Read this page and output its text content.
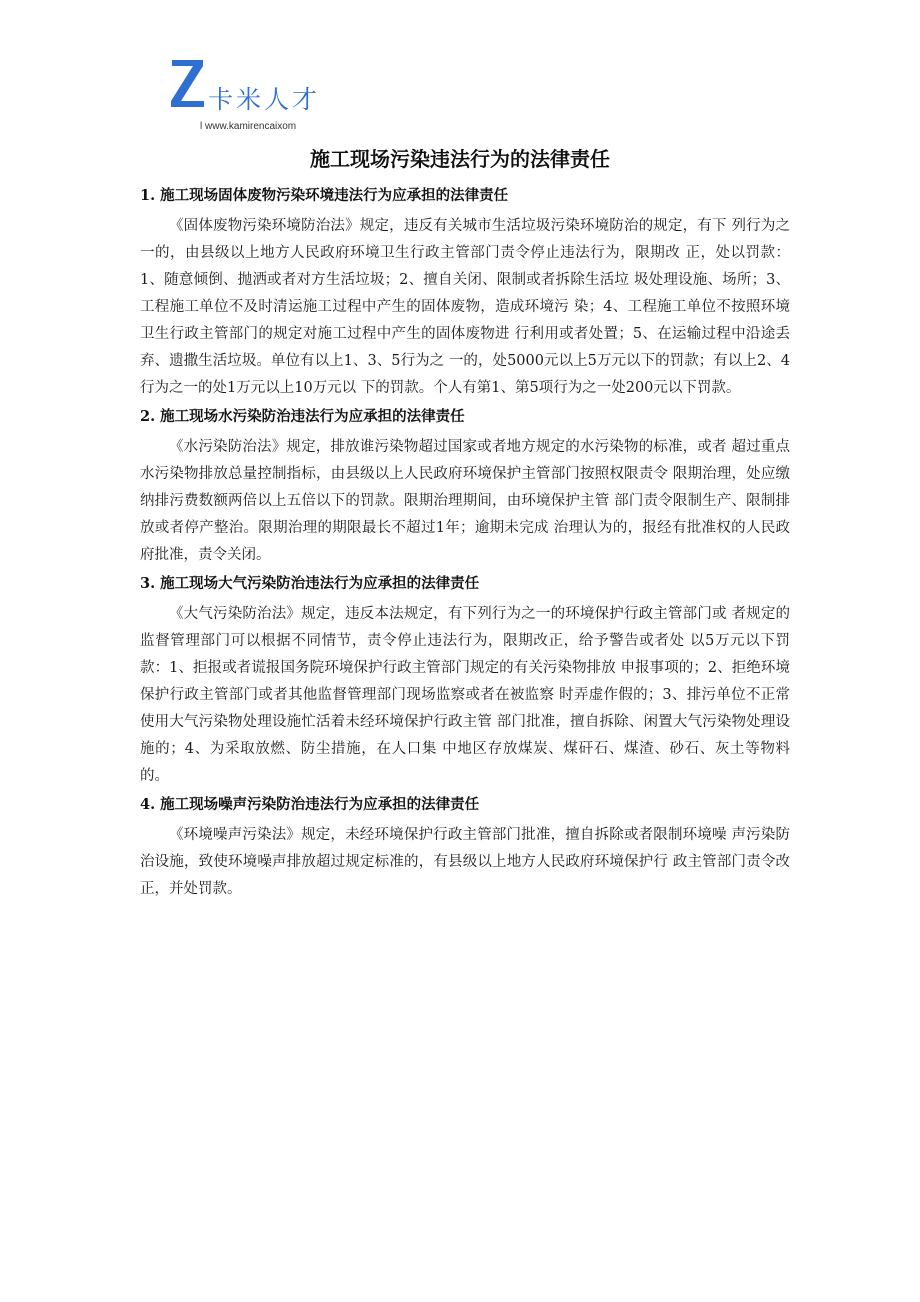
卡米人才
l www.kamirencaixom
施工现场污染违法行为的法律责任
1. 施工现场固体废物污染环境违法行为应承担的法律责任

《固体废物污染环境防治法》规定，违反有关城市生活垃圾污染环境防治的规定，有下 列行为之一的，由县级以上地方人民政府环境卫生行政主管部门责令停止违法行为，限期改 正，处以罚款：1、随意倾倒、抛洒或者对方生活垃圾；2、擅自关闭、限制或者拆除生活垃 圾处理设施、场所；3、工程施工单位不及时清运施工过程中产生的固体废物，造成环境污 染；4、工程施工单位不按照环境卫生行政主管部门的规定对施工过程中产生的固体废物进 行利用或者处置；5、在运输过程中沿途丢弃、遗撒生活垃圾。单位有以上1、3、5行为之 一的，处5000元以上5万元以下的罚款；有以上2、4行为之一的处1万元以上10万元以 下的罚款。个人有第1、第5项行为之一处200元以下罚款。

2. 施工现场水污染防治违法行为应承担的法律责任

《水污染防治法》规定，排放谁污染物超过国家或者地方规定的水污染物的标准，或者 超过重点水污染物排放总量控制指标，由县级以上人民政府环境保护主管部门按照权限责令 限期治理，处应缴纳排污费数额两倍以上五倍以下的罚款。限期治理期间，由环境保护主管 部门责令限制生产、限制排放或者停产整治。限期治理的期限最长不超过1年；逾期未完成 治理认为的，报经有批准权的人民政府批准，责令关闭。

3. 施工现场大气污染防治违法行为应承担的法律责任

《大气污染防治法》规定，违反本法规定，有下列行为之一的环境保护行政主管部门或 者规定的监督管理部门可以根据不同情节，责令停止违法行为，限期改正，给予警告或者处 以5万元以下罚款：1、拒报或者谎报国务院环境保护行政主管部门规定的有关污染物排放 申报事项的；2、拒绝环境保护行政主管部门或者其他监督管理部门现场监察或者在被监察 时弄虚作假的；3、排污单位不正常使用大气污染物处理设施忙活着未经环境保护行政主管 部门批准，擅自拆除、闲置大气污染物处理设施的；4、为采取放燃、防尘措施，在人口集 中地区存放煤炭、煤矸石、煤渣、砂石、灰土等物料的。

4. 施工现场噪声污染防治违法行为应承担的法律责任

《环境噪声污染法》规定，未经环境保护行政主管部门批准，擅自拆除或者限制环境噪 声污染防治设施，致使环境噪声排放超过规定标准的，有县级以上地方人民政府环境保护行 政主管部门责令改正，并处罚款。
